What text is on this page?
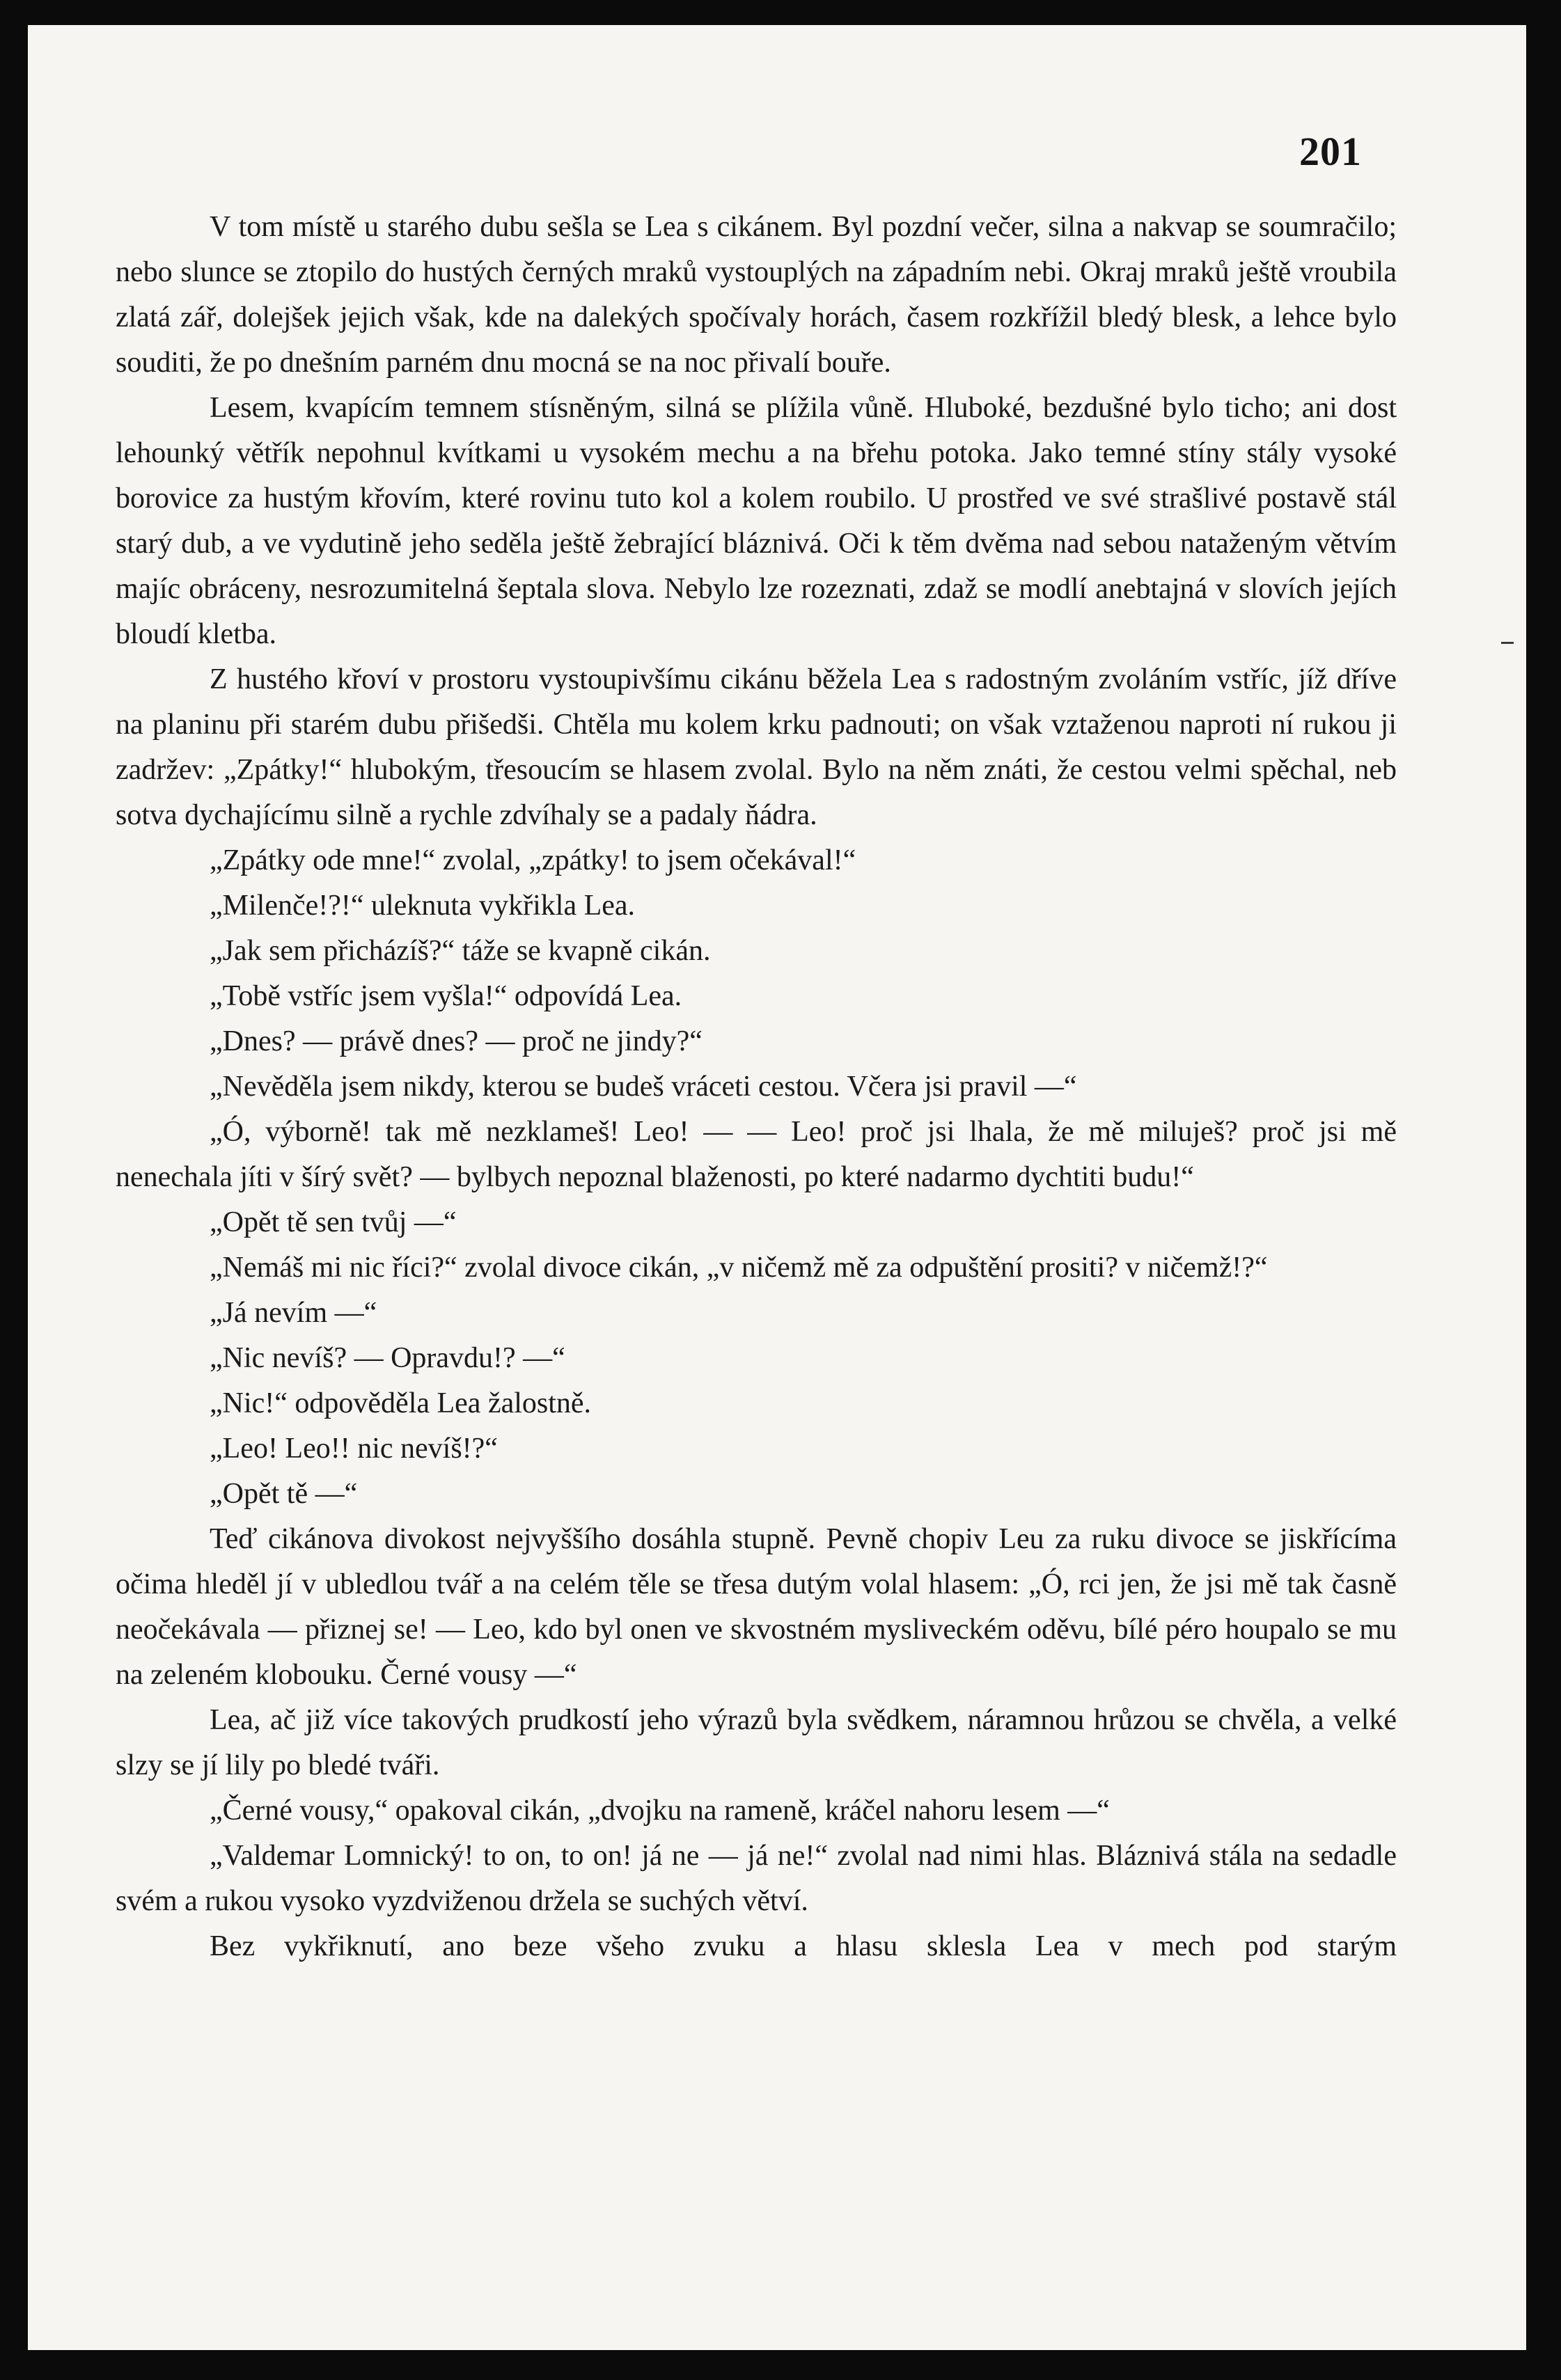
201

V tom místě u starého dubu sešla se Lea s cikánem. Byl pozdní večer, silna a nakvap se soumračilo; nebo slunce se ztopilo do hustých černých mraků vystouplých na západním nebi. Okraj mraků ještě vroubila zlatá zář, dolejšek jejich však, kde na dalekých spočívaly horách, časem rozkřížil bledý blesk, a lehce bylo souditi, že po dnešním parném dnu mocná se na noc přivalí bouře.

Lesem, kvapícím temnem stísněným, silná se plížila vůně. Hluboké, bezdušné bylo ticho; ani dost lehounký větřík nepohnul kvítkami u vysokém mechu a na břehu potoka. Jako temné stíny stály vysoké borovice za hustým křovím, které rovinu tuto kol a kolem roubilo. U prostřed ve své strašlivé postavě stál starý dub, a ve vydutině jeho seděla ještě žebrající bláznivá. Oči k těm dvěma nad sebou nataženým větvím majíc obráceny, nesrozumitelná šeptala slova. Nebylo lze rozeznati, zdaž se modlí anebtajná v slovích jejích bloudí kletba.

Z hustého křoví v prostoru vystoupivšímu cikánu běžela Lea s radostným zvoláním vstříc, jíž dříve na planinu při starém dubu přišedši. Chtěla mu kolem krku padnouti; on však vztaženou naproti ní rukou ji zadržev: „Zpátky!“ hlubokým, třesoucím se hlasem zvolal. Bylo na něm znáti, že cestou velmi spěchal, neb sotva dychajícímu silně a rychle zdvíhaly se a padaly ňádra.

„Zpátky ode mne!“ zvolal, „zpátky! to jsem očekával!“

„Milenče!?!“ uleknuta vykřikla Lea.

„Jak sem přicházíš?“ táže se kvapně cikán.

„Tobě vstříc jsem vyšla!“ odpovídá Lea.

„Dnes? — právě dnes? — proč ne jindy?“

„Nevěděla jsem nikdy, kterou se budeš vráceti cestou. Včera jsi pravil —“

„Ó, výborně! tak mě nezklameš! Leo! — — Leo! proč jsi lhala, že mě miluješ? proč jsi mě nenechala jíti v šírý svět? — bylbych nepoznal blaženosti, po které nadarmo dychtiti budu!“

„Opět tě sen tvůj —“

„Nemáš mi nic říci?“ zvolal divoce cikán, „v ničemž mě za odpuštění prositi? v ničemž!?“

„Já nevím —“

„Nic nevíš? — Opravdu!? —“

„Nic!“ odpověděla Lea žalostně.

„Leo! Leo!! nic nevíš!?“

„Opět tě —“

Teď cikánova divokost nejvyššího dosáhla stupně. Pevně chopiv Leu za ruku divoce se jiskřícíma očima hleděl jí v ubledlou tvář a na celém těle se třesa dutým volal hlasem: „Ó, rci jen, že jsi mě tak časně neočekávala — přiznej se! — Leo, kdo byl onen ve skvostném mysliveckém oděvu, bílé péro houpalo se mu na zeleném klobouku. Černé vousy —“

Lea, ač již více takových prudkostí jeho výrazů byla svědkem, náramnou hrůzou se chvěla, a velké slzy se jí lily po bledé tváři.

„Černé vousy,“ opakoval cikán, „dvojku na rameně, kráčel nahoru lesem —“

„Valdemar Lomnický! to on, to on! já ne — já ne!“ zvolal nad nimi hlas. Bláznivá stála na sedadle svém a rukou vysoko vyzdviženou držela se suchých větví.

Bez vykřiknutí, ano beze všeho zvuku a hlasu sklesla Lea v mech pod starým
